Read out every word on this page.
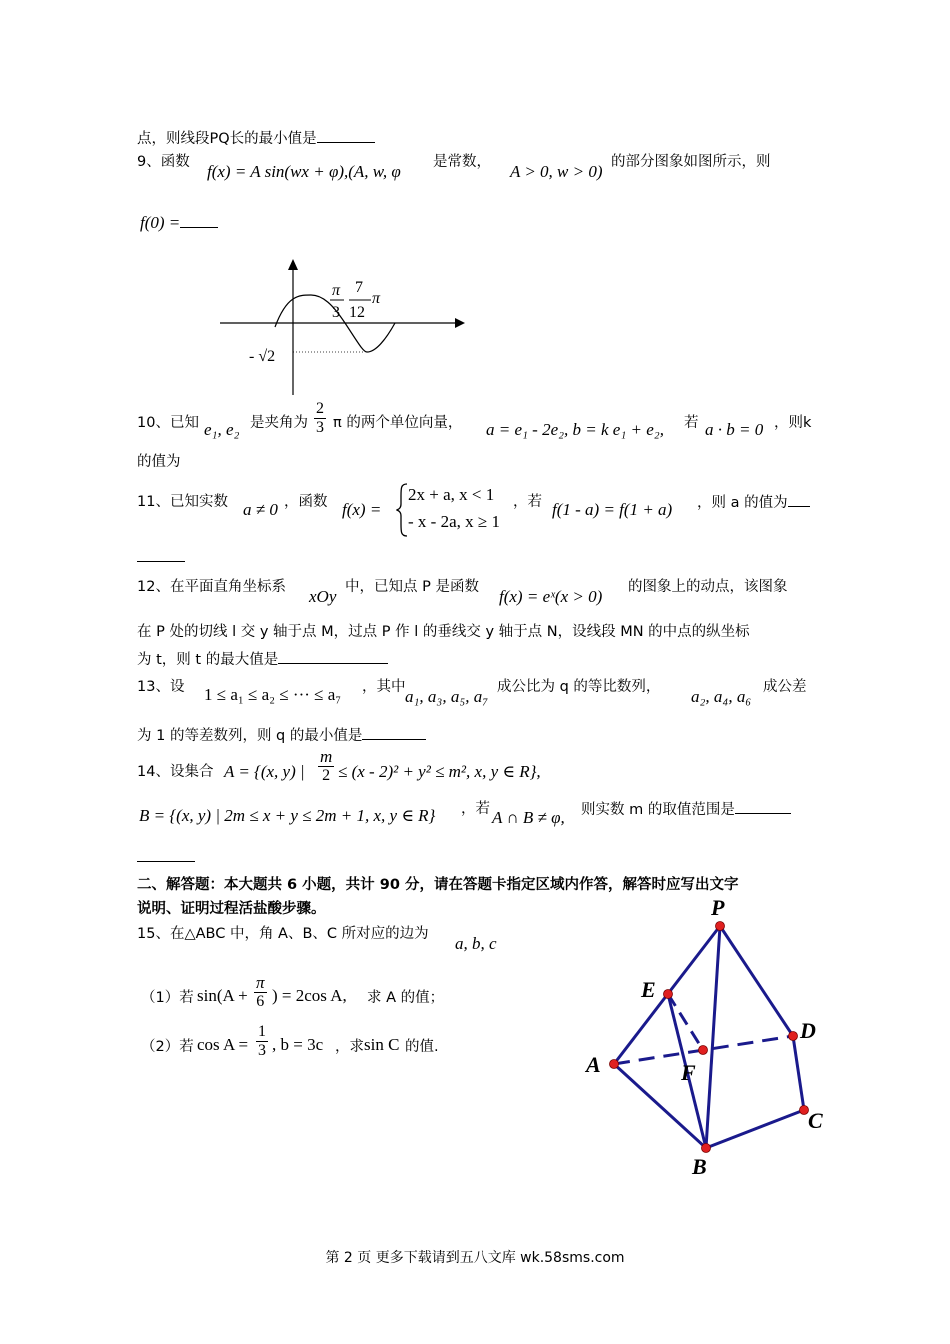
点，则线段PQ长的最小值是
9、函数 f(x) = A sin(wx + φ),(A, w, φ 是常数， A > 0, w > 0) 的部分图象如图所示，则
f(0) =
π
3
7
12
π
- √2
10、已知 e₁, e₂ 是夹角为 $\frac{2}{3}$ π 的两个单位向量， a = e₁ - 2e₂, b = k e₁ + e₂, 若 a · b = 0 ，则k
的值为
11、已知实数 a ≠ 0 ，函数 f(x) =
2x + a, x < 1
- x - 2a, x ≥ 1
，若 f(1 - a) = f(1 + a) ，则 a 的值为
12、在平面直角坐标系 xOy 中，已知点 P 是函数 f(x) = eˣ(x > 0) 的图象上的动点，该图象
在 P 处的切线 l 交 y 轴于点 M，过点 P 作 l 的垂线交 y 轴于点 N，设线段 MN 的中点的纵坐标
为 t，则 t 的最大值是
13、设 1 ≤ a₁ ≤ a₂ ≤ ··· ≤ a₇ ，其中 a₁, a₃, a₅, a₇ 成公比为 q 的等比数列， a₂, a₄, a₆ 成公差
为 1 的等差数列，则 q 的最小值是
14、设集合 A = {(x, y) | $\frac{m}{2} \le (x - 2)^2 + y^2 \le m^2$, x, y ∈ R},
B = {(x, y) | 2m ≤ x + y ≤ 2m + 1, x, y ∈ R} ，若 A ∩ B ≠ φ, 则实数 m 的取值范围是
二、解答题：本大题共 6 小题，共计 90 分，请在答题卡指定区域内作答，解答时应写出文字
说明、证明过程活盐酸步骤。
15、在△ABC 中，角 A、B、C 所对应的边为 a, b, c
（1）若 $\sin(A + \frac{\pi}{6}$ ) = 2cos A, 求 A 的值；
（2）若 $\cos A = \frac{1}{3}$ , b = 3c ，求 sin C 的值.
P
E
D
A	F
C
B
第 2 页 更多下载请到五八文库 wk.58sms.com
